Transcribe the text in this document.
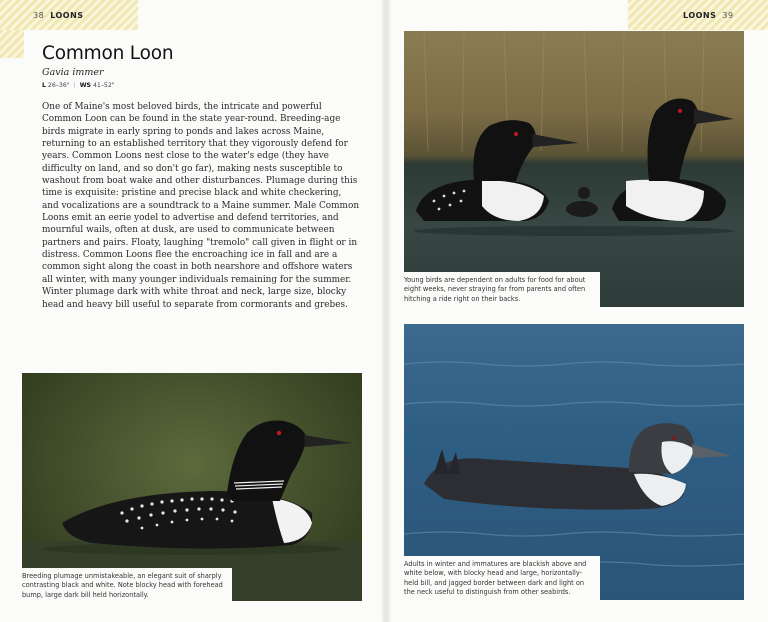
38 LOONS	LOONS 39
Common Loon
Gavia immer
L 26–36" | WS 41–52"
One of Maine's most beloved birds, the intricate and powerful Common Loon can be found in the state year-round. Breeding-age birds migrate in early spring to ponds and lakes across Maine, returning to an established territory that they vigorously defend for years. Common Loons nest close to the water's edge (they have difficulty on land, and so don't go far), making nests susceptible to washout from boat wake and other disturbances. Plumage during this time is exquisite: pristine and precise black and white checkering, and vocalizations are a soundtrack to a Maine summer. Male Common Loons emit an eerie yodel to advertise and defend territories, and mournful wails, often at dusk, are used to communicate between partners and pairs. Floaty, laughing "tremolo" call given in flight or in distress. Common Loons flee the encroaching ice in fall and are a common sight along the coast in both nearshore and offshore waters all winter, with many younger individuals remaining for the summer. Winter plumage dark with white throat and neck, large size, blocky head and heavy bill useful to separate from cormorants and grebes.
Breeding plumage unmistakeable, an elegant suit of sharply contrasting black and white. Note blocky head with forehead bump, large dark bill held horizontally.
Young birds are dependent on adults for food for about eight weeks, never straying far from parents and often hitching a ride right on their backs.
Adults in winter and immatures are blackish above and white below, with blocky head and large, horizontally-held bill, and jagged border between dark and light on the neck useful to distinguish from other seabirds.
